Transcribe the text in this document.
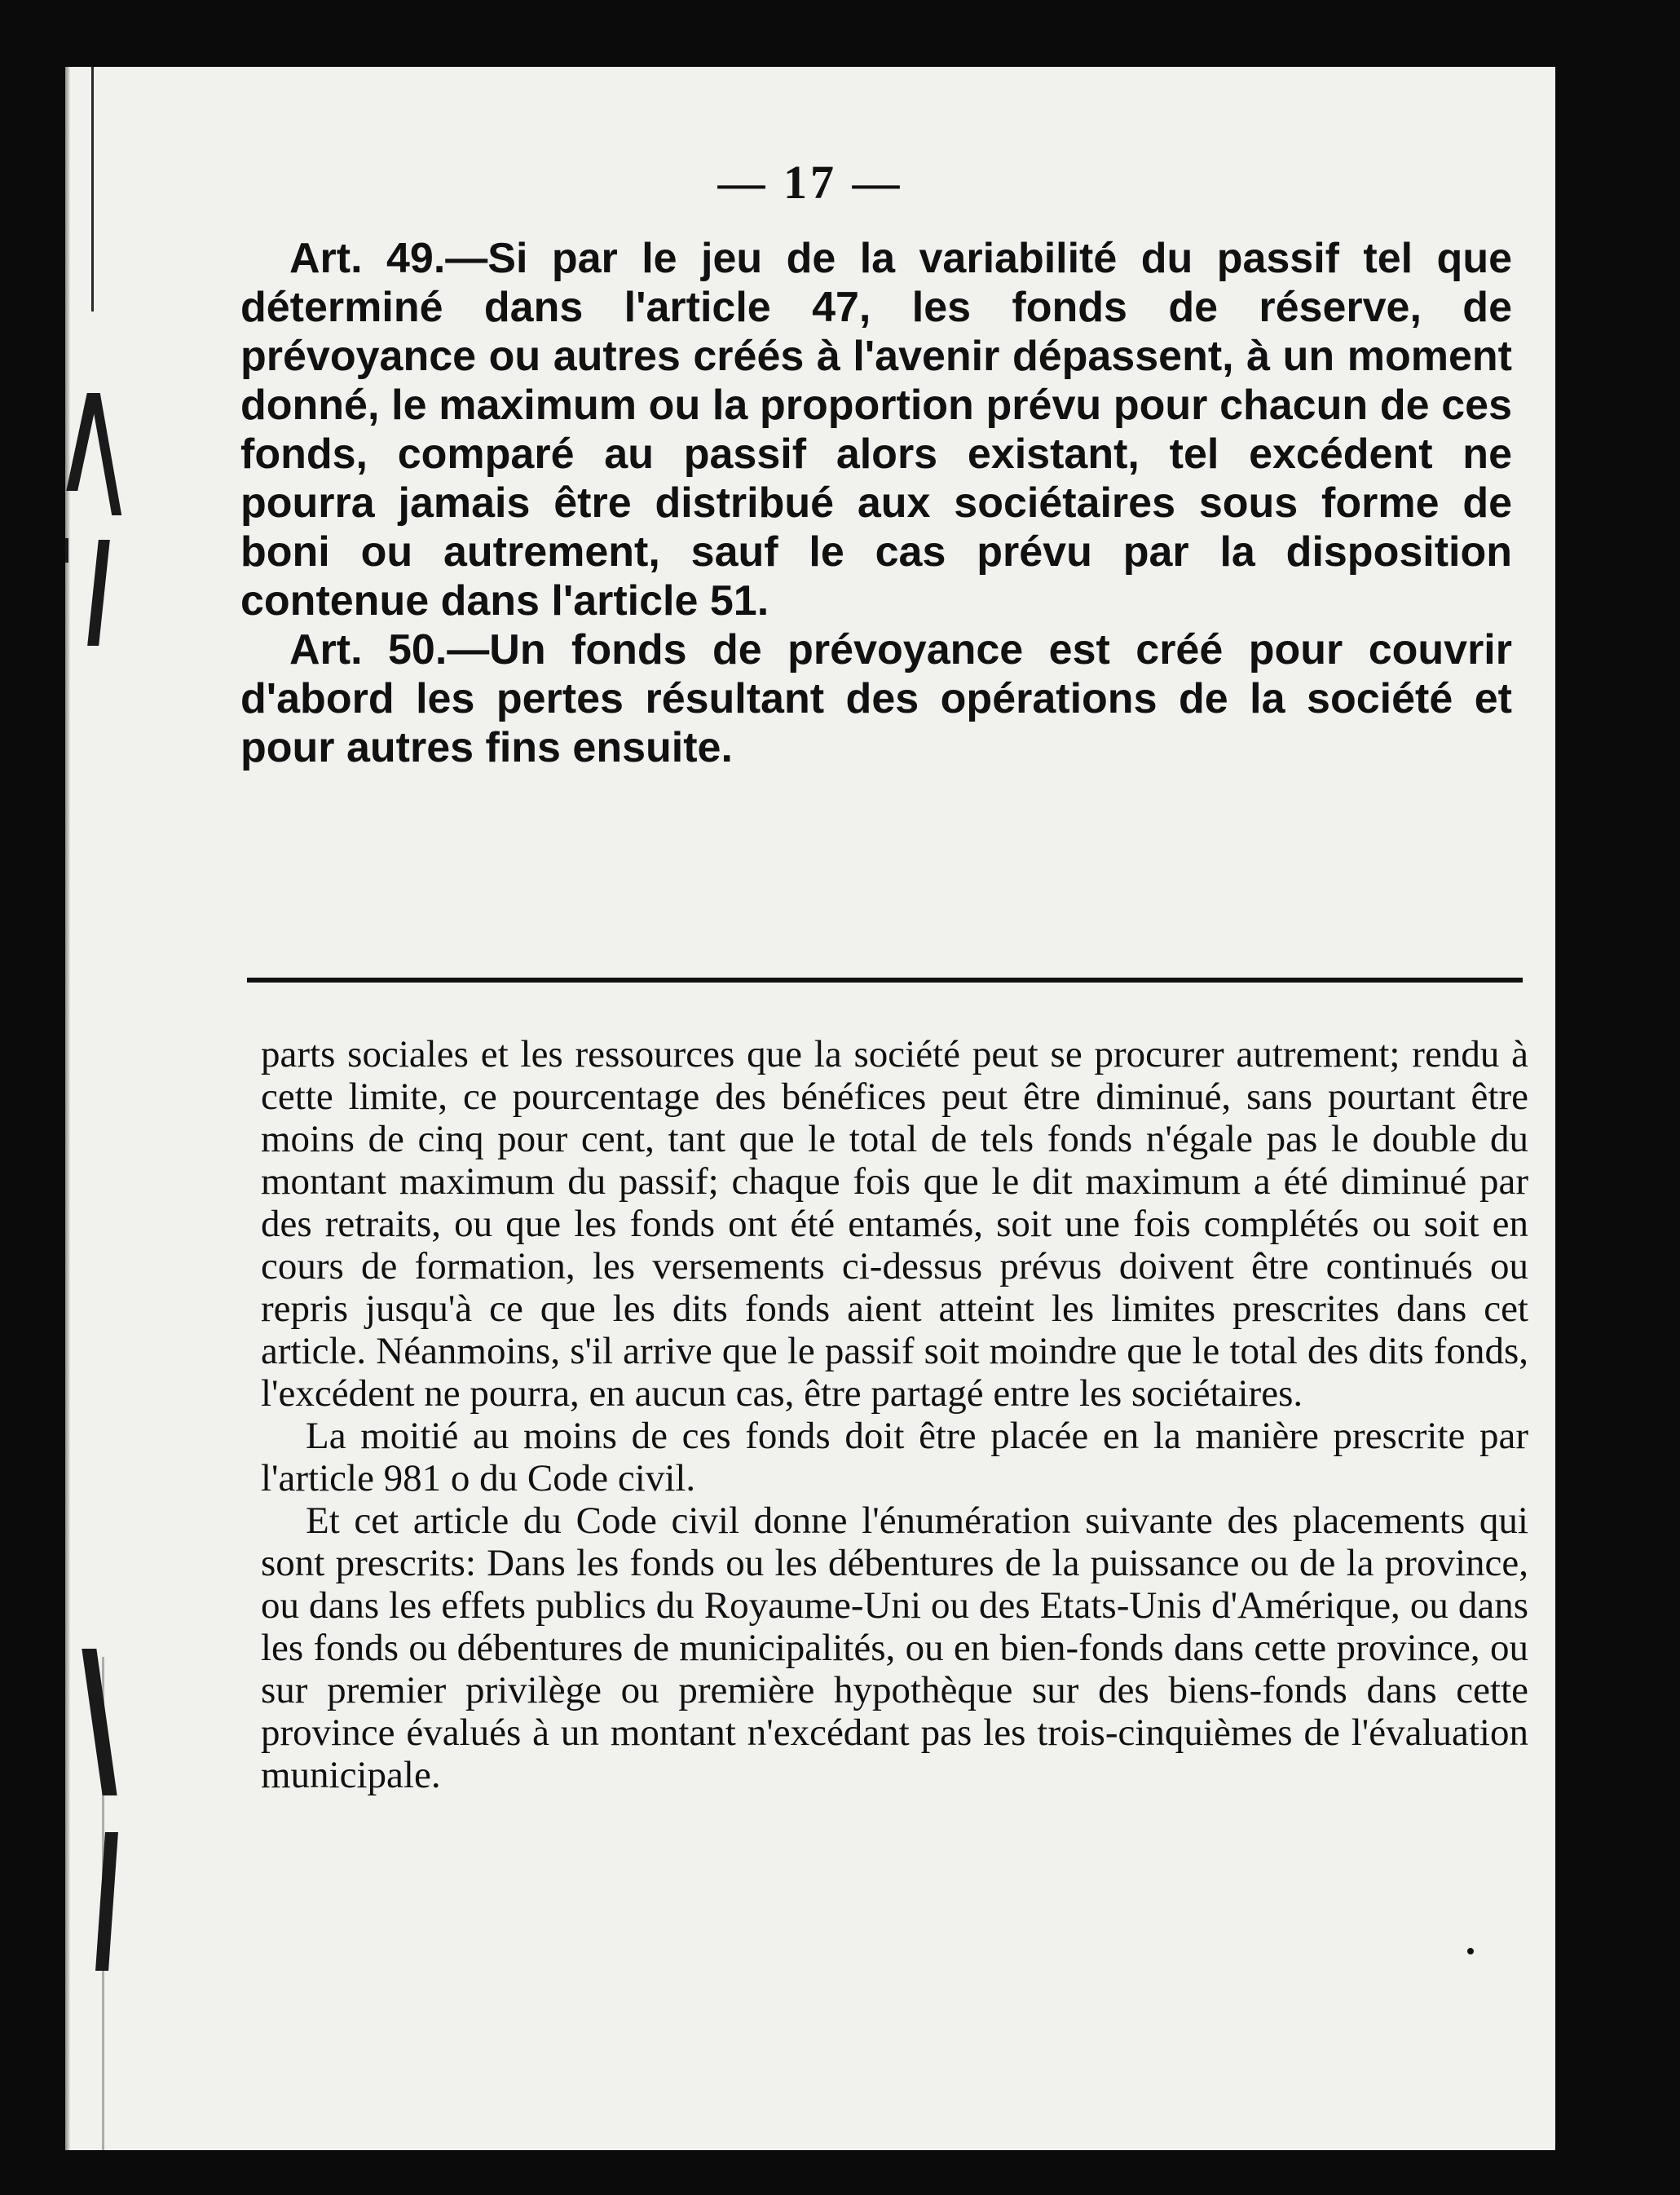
— 17 —

Art. 49.—Si par le jeu de la variabilité du passif tel que déterminé dans l'article 47, les fonds de réserve, de prévoyance ou autres créés à l'avenir dépassent, à un moment donné, le maximum ou la proportion prévu pour chacun de ces fonds, comparé au passif alors existant, tel excédent ne pourra jamais être distribué aux sociétaires sous forme de boni ou autrement, sauf le cas prévu par la disposition contenue dans l'article 51.

Art. 50.—Un fonds de prévoyance est créé pour couvrir d'abord les pertes résultant des opérations de la société et pour autres fins ensuite.

parts sociales et les ressources que la société peut se procurer autrement; rendu à cette limite, ce pourcentage des bénéfices peut être diminué, sans pourtant être moins de cinq pour cent, tant que le total de tels fonds n'égale pas le double du montant maximum du passif; chaque fois que le dit maximum a été diminué par des retraits, ou que les fonds ont été entamés, soit une fois complétés ou soit en cours de formation, les versements ci-dessus prévus doivent être continués ou repris jusqu'à ce que les dits fonds aient atteint les limites prescrites dans cet article. Néanmoins, s'il arrive que le passif soit moindre que le total des dits fonds, l'excédent ne pourra, en aucun cas, être partagé entre les sociétaires.

La moitié au moins de ces fonds doit être placée en la manière prescrite par l'article 981 o du Code civil.

Et cet article du Code civil donne l'énumération suivante des placements qui sont prescrits: Dans les fonds ou les débentures de la puissance ou de la province, ou dans les effets publics du Royaume-Uni ou des Etats-Unis d'Amérique, ou dans les fonds ou débentures de municipalités, ou en bien-fonds dans cette province, ou sur premier privilège ou première hypothèque sur des biens-fonds dans cette province évalués à un montant n'excédant pas les trois-cinquièmes de l'évaluation municipale.
